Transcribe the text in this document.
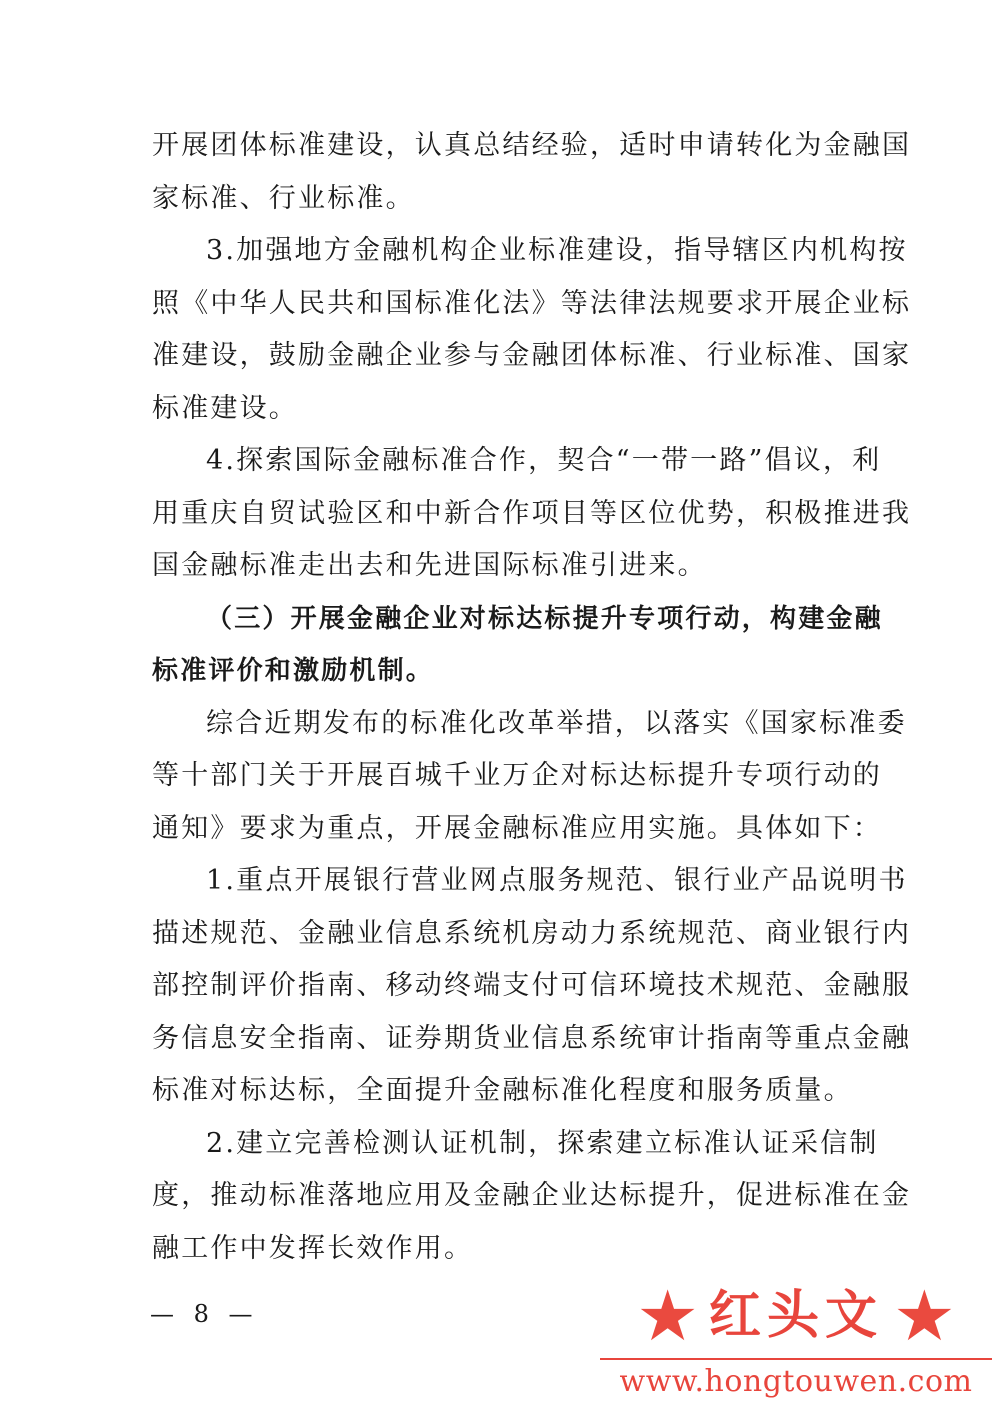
开展团体标准建设，认真总结经验，适时申请转化为金融国
家标准、行业标准。
3.加强地方金融机构企业标准建设，指导辖区内机构按
照《中华人民共和国标准化法》等法律法规要求开展企业标
准建设，鼓励金融企业参与金融团体标准、行业标准、国家
标准建设。
4.探索国际金融标准合作，契合“一带一路”倡议，利
用重庆自贸试验区和中新合作项目等区位优势，积极推进我
国金融标准走出去和先进国际标准引进来。
（三）开展金融企业对标达标提升专项行动，构建金融
标准评价和激励机制。
综合近期发布的标准化改革举措，以落实《国家标准委
等十部门关于开展百城千业万企对标达标提升专项行动的
通知》要求为重点，开展金融标准应用实施。具体如下：
1.重点开展银行营业网点服务规范、银行业产品说明书
描述规范、金融业信息系统机房动力系统规范、商业银行内
部控制评价指南、移动终端支付可信环境技术规范、金融服
务信息安全指南、证券期货业信息系统审计指南等重点金融
标准对标达标，全面提升金融标准化程度和服务质量。
2.建立完善检测认证机制，探索建立标准认证采信制
度，推动标准落地应用及金融企业达标提升，促进标准在金
融工作中发挥长效作用。
— 8 —	★ 红头文 ★
www.hongtouwen.com
